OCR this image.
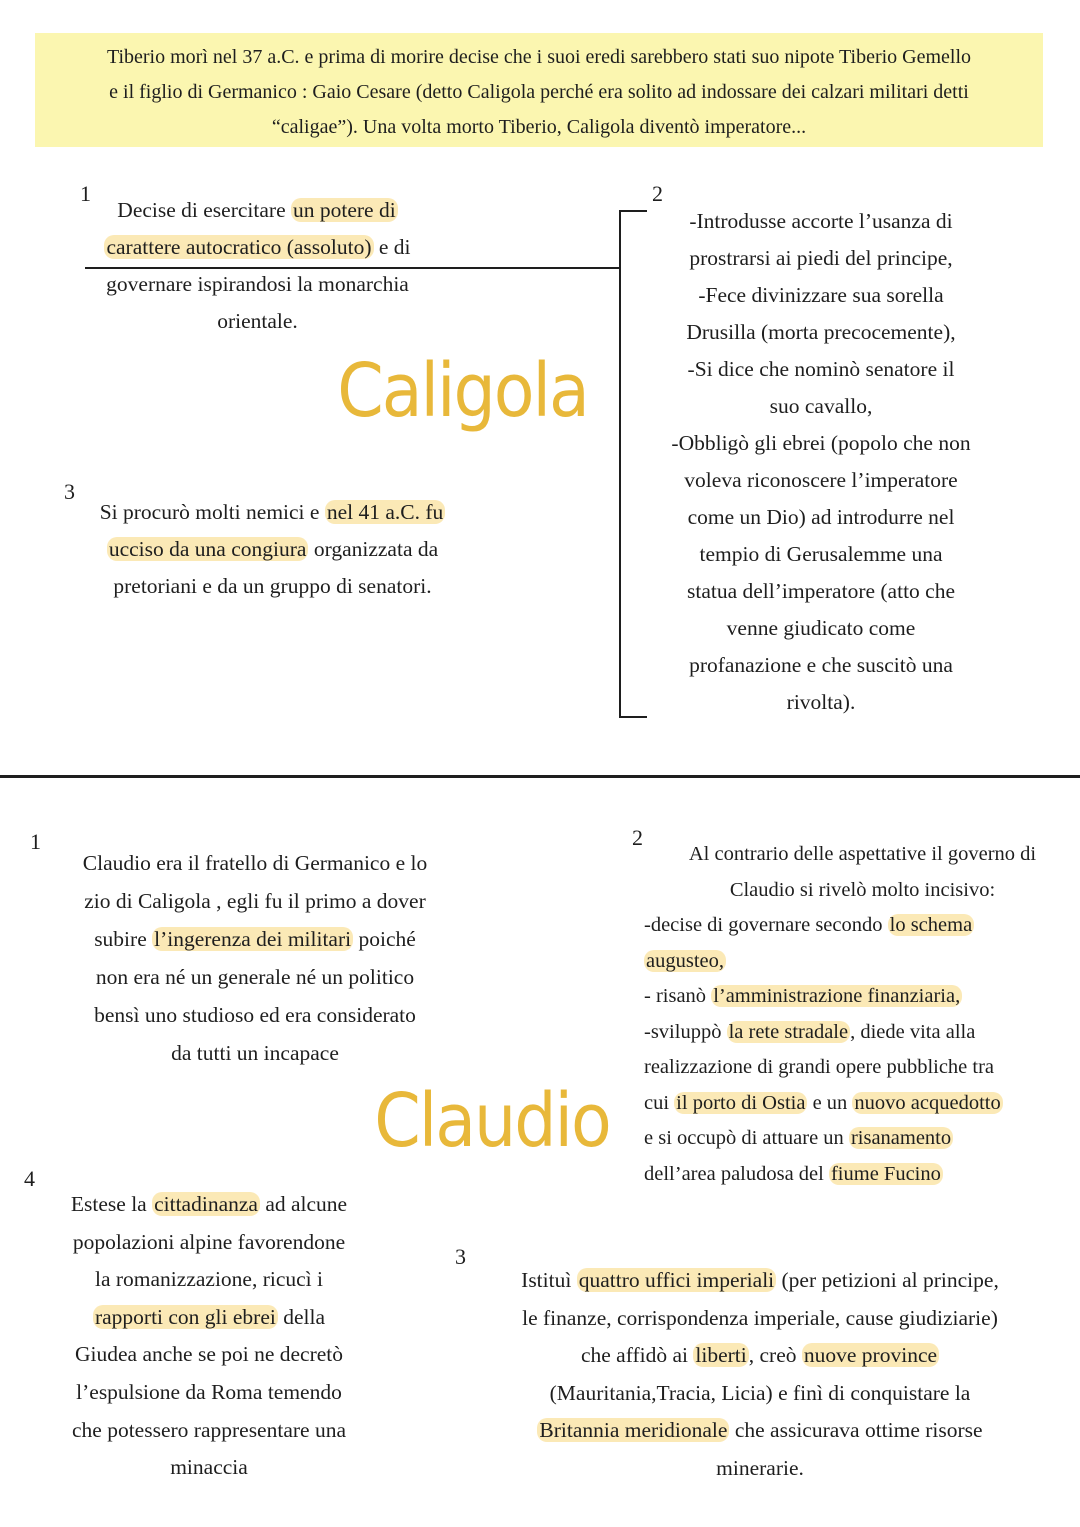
Tiberio morì nel 37 a.C. e prima di morire decise che i suoi eredi sarebbero stati suo nipote Tiberio Gemello
e il figlio di Germanico : Gaio Cesare (detto Caligola perché era solito ad indossare dei calzari militari detti
“caligae”). Una volta morto Tiberio, Caligola diventò imperatore...
1
Decise di esercitare un potere di
carattere autocratico (assoluto) e di
governare ispirandosi la monarchia
orientale.
2
-Introdusse accorte l’usanza di
prostrarsi ai piedi del principe,
-Fece divinizzare sua sorella
Drusilla (morta precocemente),
-Si dice che nominò senatore il
suo cavallo,
-Obbligò gli ebrei (popolo che non
voleva riconoscere l’imperatore
come un Dio) ad introdurre nel
tempio di Gerusalemme una
statua dell’imperatore (atto che
venne giudicato come
profanazione e che suscitò una
rivolta).
Caligola
3
Si procurò molti nemici e nel 41 a.C. fu
ucciso da una congiura organizzata da
pretoriani e da un gruppo di senatori.
1
Claudio era il fratello di Germanico e lo
zio di Caligola , egli fu il primo a dover
subire l’ingerenza dei militari poiché
non era né un generale né un politico
bensì uno studioso ed era considerato
da tutti un incapace
2
Al contrario delle aspettative il governo di
Claudio si rivelò molto incisivo:
-decise di governare secondo lo schema
augusteo,
- risanò l’amministrazione finanziaria,
-sviluppò la rete stradale, diede vita alla
realizzazione di grandi opere pubbliche tra
cui il porto di Ostia e un nuovo acquedotto
e si occupò di attuare un risanamento
dell’area paludosa del fiume Fucino
Claudio
4
Estese la cittadinanza ad alcune
popolazioni alpine favorendone
la romanizzazione, ricucì i
rapporti con gli ebrei della
Giudea anche se poi ne decretò
l’espulsione da Roma temendo
che potessero rappresentare una
minaccia
3
Istituì quattro uffici imperiali (per petizioni al principe,
le finanze, corrispondenza imperiale, cause giudiziarie)
che affidò ai liberti, creò nuove province
(Mauritania,Tracia, Licia) e finì di conquistare la
Britannia meridionale che assicurava ottime risorse
minerarie.
